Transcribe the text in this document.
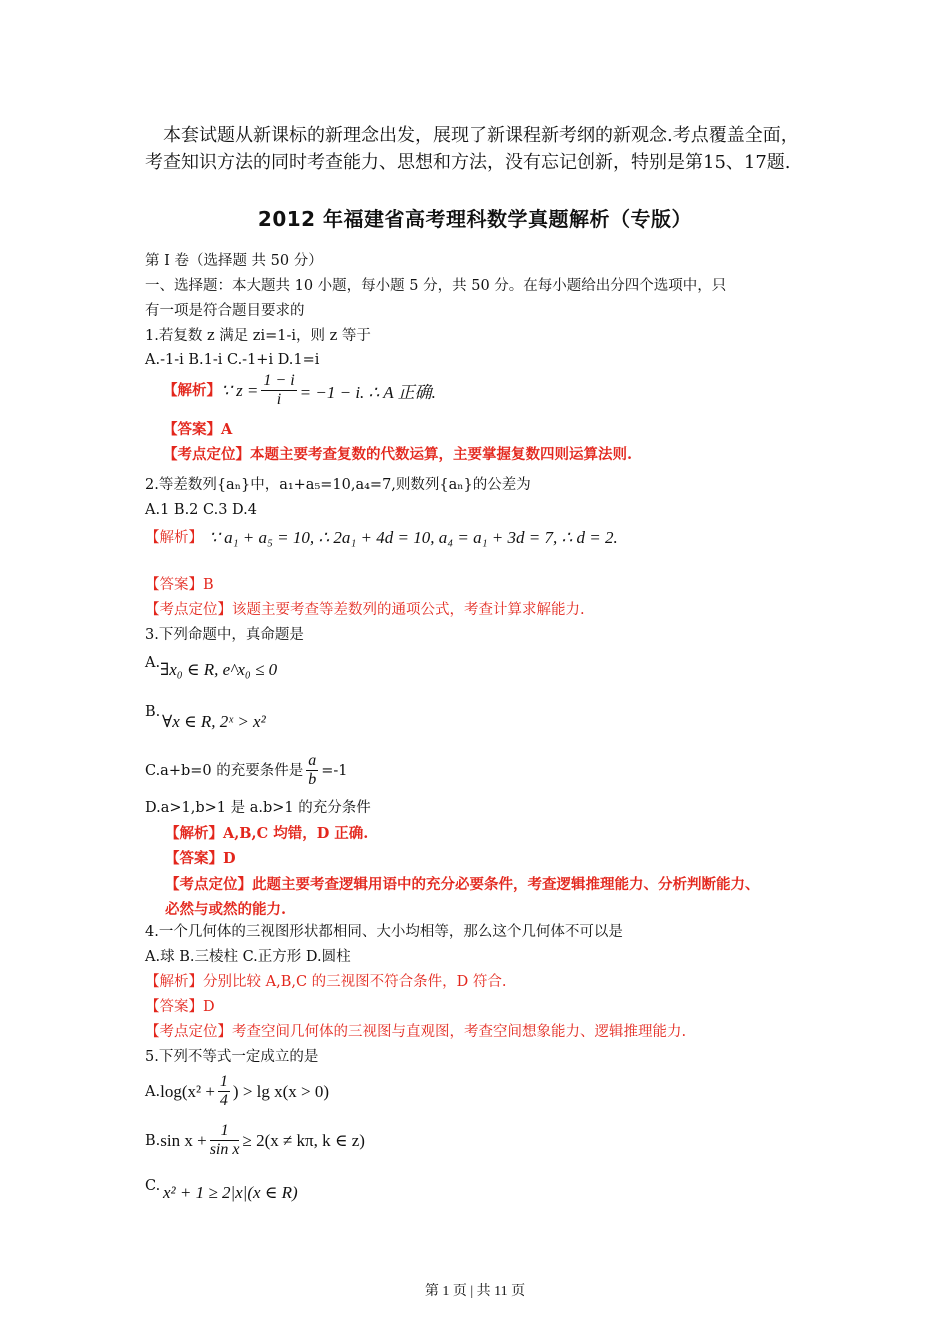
本套试题从新课标的新理念出发，展现了新课程新考纲的新观念.考点覆盖全面，考查知识方法的同时考查能力、思想和方法，没有忘记创新，特别是第15、17题.
2012 年福建省高考理科数学真题解析（专版）
第 I 卷（选择题 共 50 分）
一、选择题：本大题共 10 小题，每小题 5 分，共 50 分。在每小题给出分四个选项中，只
有一项是符合题目要求的
1.若复数 z 满足 zi=1-i，则 z 等于
A.-1-i B.1-i C.-1+i D.1=i
【解析】 ∵ $z = \frac{1 - i}{i} = -1 - i$. ∴ A 正确.
【答案】A
【考点定位】本题主要考查复数的代数运算，主要掌握复数四则运算法则.
2.等差数列{aₙ}中，a₁+a₅=10,a₄=7,则数列{aₙ}的公差为
A.1 B.2 C.3 D.4
【解析】 ∵ a₁ + a₅ = 10, ∴ 2a₁ + 4d = 10, a₄ = a₁ + 3d = 7, ∴ d = 2.
【答案】B
【考点定位】该题主要考查等差数列的通项公式，考查计算求解能力.
3.下列命题中，真命题是
A. ∃x₀ ∈ R, e^x₀ ≤ 0
B. ∀x ∈ R, 2ˣ > x²
C.a+b=0 的充要条件是 $\frac{a}{b} =-1$
D.a>1,b>1 是 a.b>1 的充分条件
【解析】A,B,C 均错，D 正确.
【答案】D
【考点定位】此题主要考查逻辑用语中的充分必要条件，考查逻辑推理能力、分析判断能力、
必然与或然的能力.
4.一个几何体的三视图形状都相同、大小均相等，那么这个几何体不可以是
A.球 B.三棱柱 C.正方形 D.圆柱
【解析】分别比较 A,B,C 的三视图不符合条件，D 符合.
【答案】D
【考点定位】考查空间几何体的三视图与直观图，考查空间想象能力、逻辑推理能力.
5.下列不等式一定成立的是
A. $\log(x^2 + \frac{1}{4}$ ) > lg x(x > 0)
B. $\sin x + \frac{1}{\text{sin x}} \ge 2(x \ne k\pi$, k ∈ z)
C. x² + 1 ≥ 2|x|(x ∈ R)
第 1 页 | 共 11 页
